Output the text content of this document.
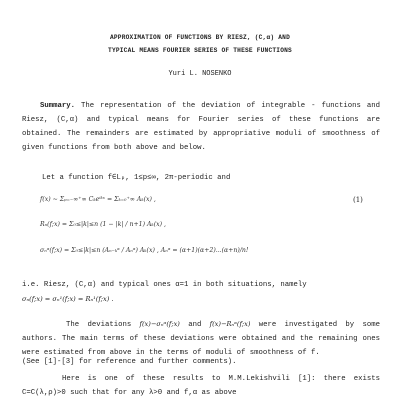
APPROXIMATION OF FUNCTIONS BY RIESZ, (C,α) AND
TYPICAL MEANS FOURIER SERIES OF THESE FUNCTIONS
Yuri L. NOSENKO
Summary. The representation of the deviation of integrable - functions and Riesz, (C,α) and typical means for Fourier series of these functions are obtained. The remainders are estimated by appropriative moduli of smoothness of given functions from both above and below.
Let a function f∈Lₚ, 1≤p≤∞, 2π-periodic and
f(x) ~ Σₚ₌₋∞⁺∞ Cₖeⁱᵏˣ = Σₖ₌₀⁺∞ Aₖ(x) ,	(1)
Rₙ(f;x) = Σ₀≤|k|≤n (1 − |k| / n+1) Aₖ(x) ,
σₙᵅ(f;x) = Σ₀≤|k|≤n (Aₙ₋ₖᵅ / Aₙᵅ) Aₖ(x) , Aₙᵅ = (α+1)(α+2)...(α+n)/n!
i.e. Riesz, (C,α) and typical ones α=1 in both situations, namely
σₙ(f;x) = σₙ¹(f;x) = Rₙ¹(f;x) .
The deviations f(x)−σₙᵅ(f;x) and f(x)−Rₙᵅ(f;x) were investigated by some authors. The main terms of these deviations were obtained and the remaining ones were estimated from above in the terms of moduli of smoothness of f.
(See [1]-[3] for reference and further comments).
Here is one of these results to M.M.Lekishvili [1]: there exists C=C(λ,ρ)>0 such that for any λ>0 and f,α as above
